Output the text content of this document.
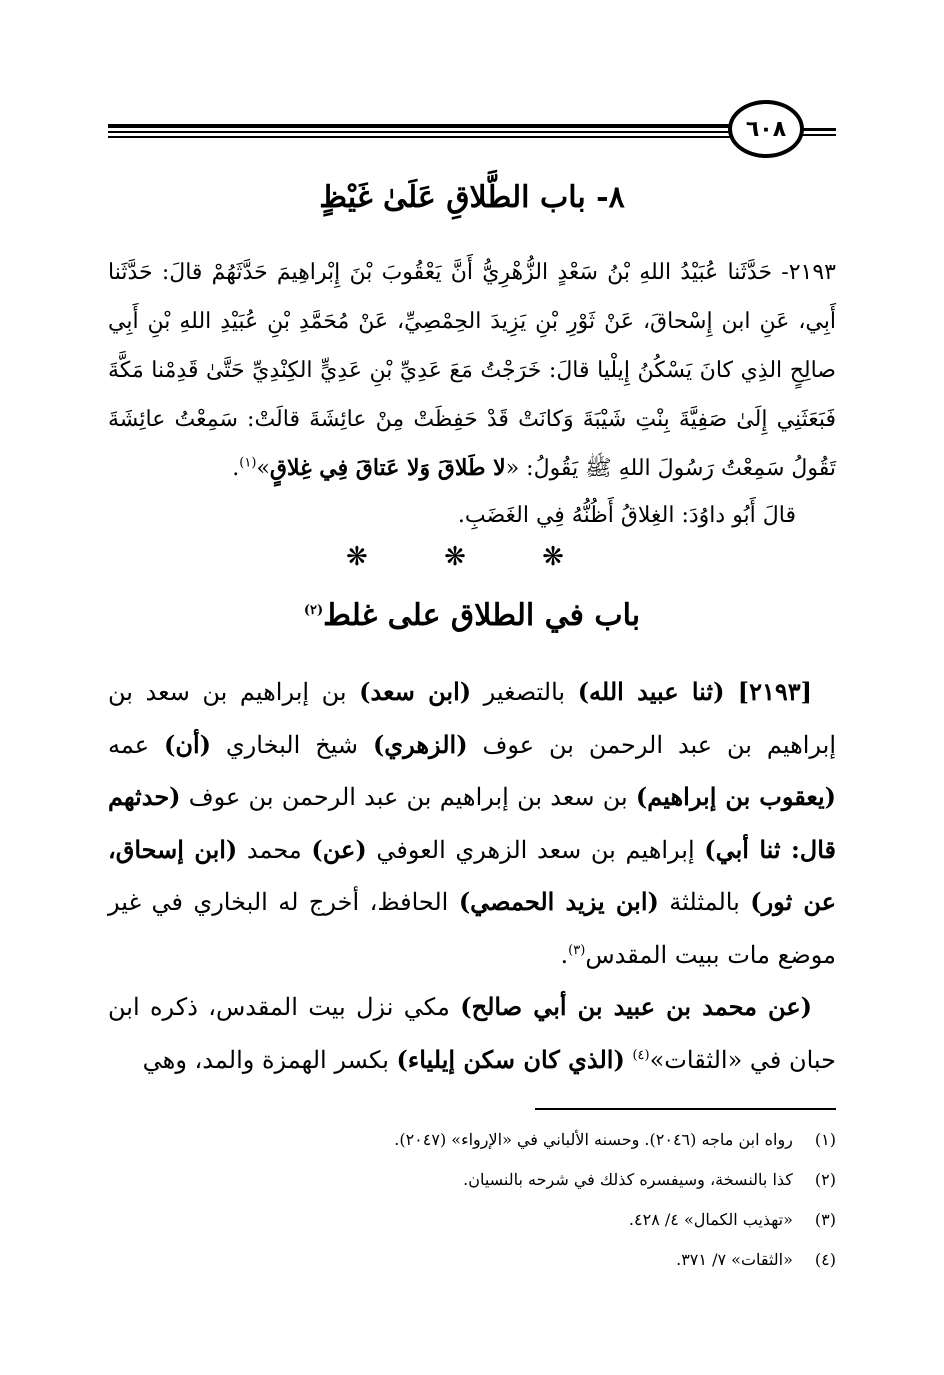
٦٠٨
٨- باب الطَّلاقِ عَلَىٰ غَيْظٍ
٢١٩٣- حَدَّثَنا عُبَيْدُ اللهِ بْنُ سَعْدٍ الزُّهْرِيُّ أَنَّ يَعْقُوبَ بْنَ إِبْراهِيمَ حَدَّثَهُمْ قالَ: حَدَّثَنا أَبِي، عَنِ ابن إِسْحاقَ، عَنْ ثَوْرِ بْنِ يَزِيدَ الحِمْصِيِّ، عَنْ مُحَمَّدِ بْنِ عُبَيْدِ اللهِ بْنِ أَبِي صالِحٍ الذِي كانَ يَسْكُنُ إِيلْيا قالَ: خَرَجْتُ مَعَ عَدِيِّ بْنِ عَدِيٍّ الكِنْدِيِّ حَتَّىٰ قَدِمْنا مَكَّةَ فَبَعَثَنِي إِلَىٰ صَفِيَّةَ بِنْتِ شَيْبَةَ وَكانَتْ قَدْ حَفِظَتْ مِنْ عائِشَةَ قالَتْ: سَمِعْتُ عائِشَةَ تَقُولُ سَمِعْتُ رَسُولَ اللهِ ﷺ يَقُولُ: «لا طَلاقَ وَلا عَتاقَ فِي غِلاقٍ»$^{(١)}$.
قالَ أَبُو داوُدَ: الغِلاقُ أَظُنُّهُ فِي الغَضَبِ.
❋ ❋ ❋
باب في الطلاق على غلط$^{(٢)}$

[٢١٩٣] (ثنا عبيد الله) بالتصغير (ابن سعد) بن إبراهيم بن سعد بن إبراهيم بن عبد الرحمن بن عوف (الزهري) شيخ البخاري (أن) عمه (يعقوب بن إبراهيم) بن سعد بن إبراهيم بن عبد الرحمن بن عوف (حدثهم قال: ثنا أبي) إبراهيم بن سعد الزهري العوفي (عن) محمد (ابن إسحاق، عن ثور) بالمثلثة (ابن يزيد الحمصي) الحافظ، أخرج له البخاري في غير موضع مات ببيت المقدس$^{(٣)}$.

(عن محمد بن عبيد بن أبي صالح) مكي نزل بيت المقدس، ذكره ابن حبان في «الثقات»$^{(٤)}$ (الذي كان سكن إيلياء) بكسر الهمزة والمد، وهي

(١) رواه ابن ماجه (٢٠٤٦). وحسنه الألباني في «الإرواء» (٢٠٤٧).
(٢) كذا بالنسخة، وسيفسره كذلك في شرحه بالنسيان.
(٣) «تهذيب الكمال» ٤/ ٤٢٨.
(٤) «الثقات» ٧/ ٣٧١.
